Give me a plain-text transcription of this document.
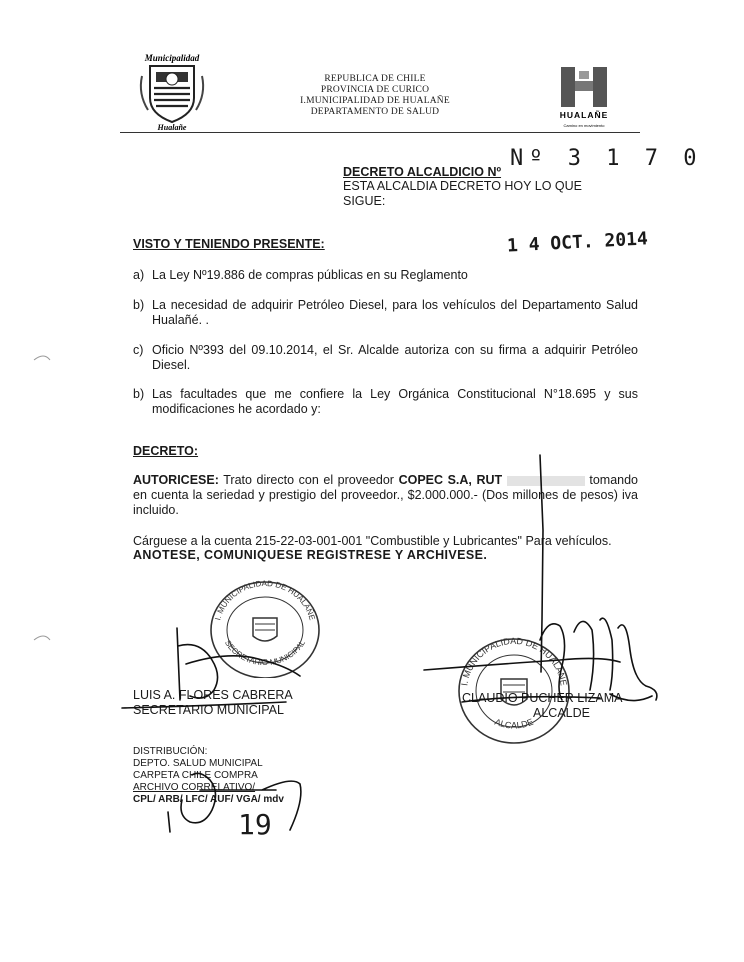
Municipalidad
Hualañe
REPUBLICA DE CHILE
PROVINCIA DE CURICO
I.MUNICIPALIDAD DE HUALAÑE
DEPARTAMENTO DE SALUD	HUALAÑE
Camino en movimiento
Nº 3 1 7 0
DECRETO ALCALDICIO Nº
ESTA ALCALDIA DECRETO HOY LO QUE SIGUE:
VISTO Y TENIENDO PRESENTE:	1 4 OCT. 2014
a) La Ley Nº19.886 de compras públicas en su Reglamento
b) La necesidad de adquirir Petróleo Diesel, para los vehículos del Departamento Salud Hualañé. .
c) Oficio Nº393 del 09.10.2014, el Sr. Alcalde autoriza con su firma a adquirir Petróleo Diesel.
b) Las facultades que me confiere la Ley Orgánica Constitucional N°18.695 y sus modificaciones he acordado y:
DECRETO:
AUTORICESE: Trato directo con el proveedor COPEC S.A, RUT	tomando en cuenta la seriedad y prestigio del proveedor., $2.000.000.- (Dos millones de pesos) iva incluido.
Cárguese a la cuenta 215-22-03-001-001 "Combustible y Lubricantes" Para vehículos.
ANOTESE, COMUNIQUESE REGISTRESE Y ARCHIVESE.
I. MUNICIPALIDAD DE HUALAÑE
SECRETARIO MUNICIPAL
I. MUNICIPALIDAD DE HUALAÑE
ALCALDE
LUIS A. FLORES CABRERA
SECRETARIO MUNICIPAL
CLAUDIO PUCHER LIZAMA
ALCALDE
DISTRIBUCIÓN:
DEPTO. SALUD MUNICIPAL
CARPETA CHILE COMPRA
ARCHIVO CORRELATIVO/
CPL/ ARB/ LFC/ AUF/ VGA/ mdv
19
